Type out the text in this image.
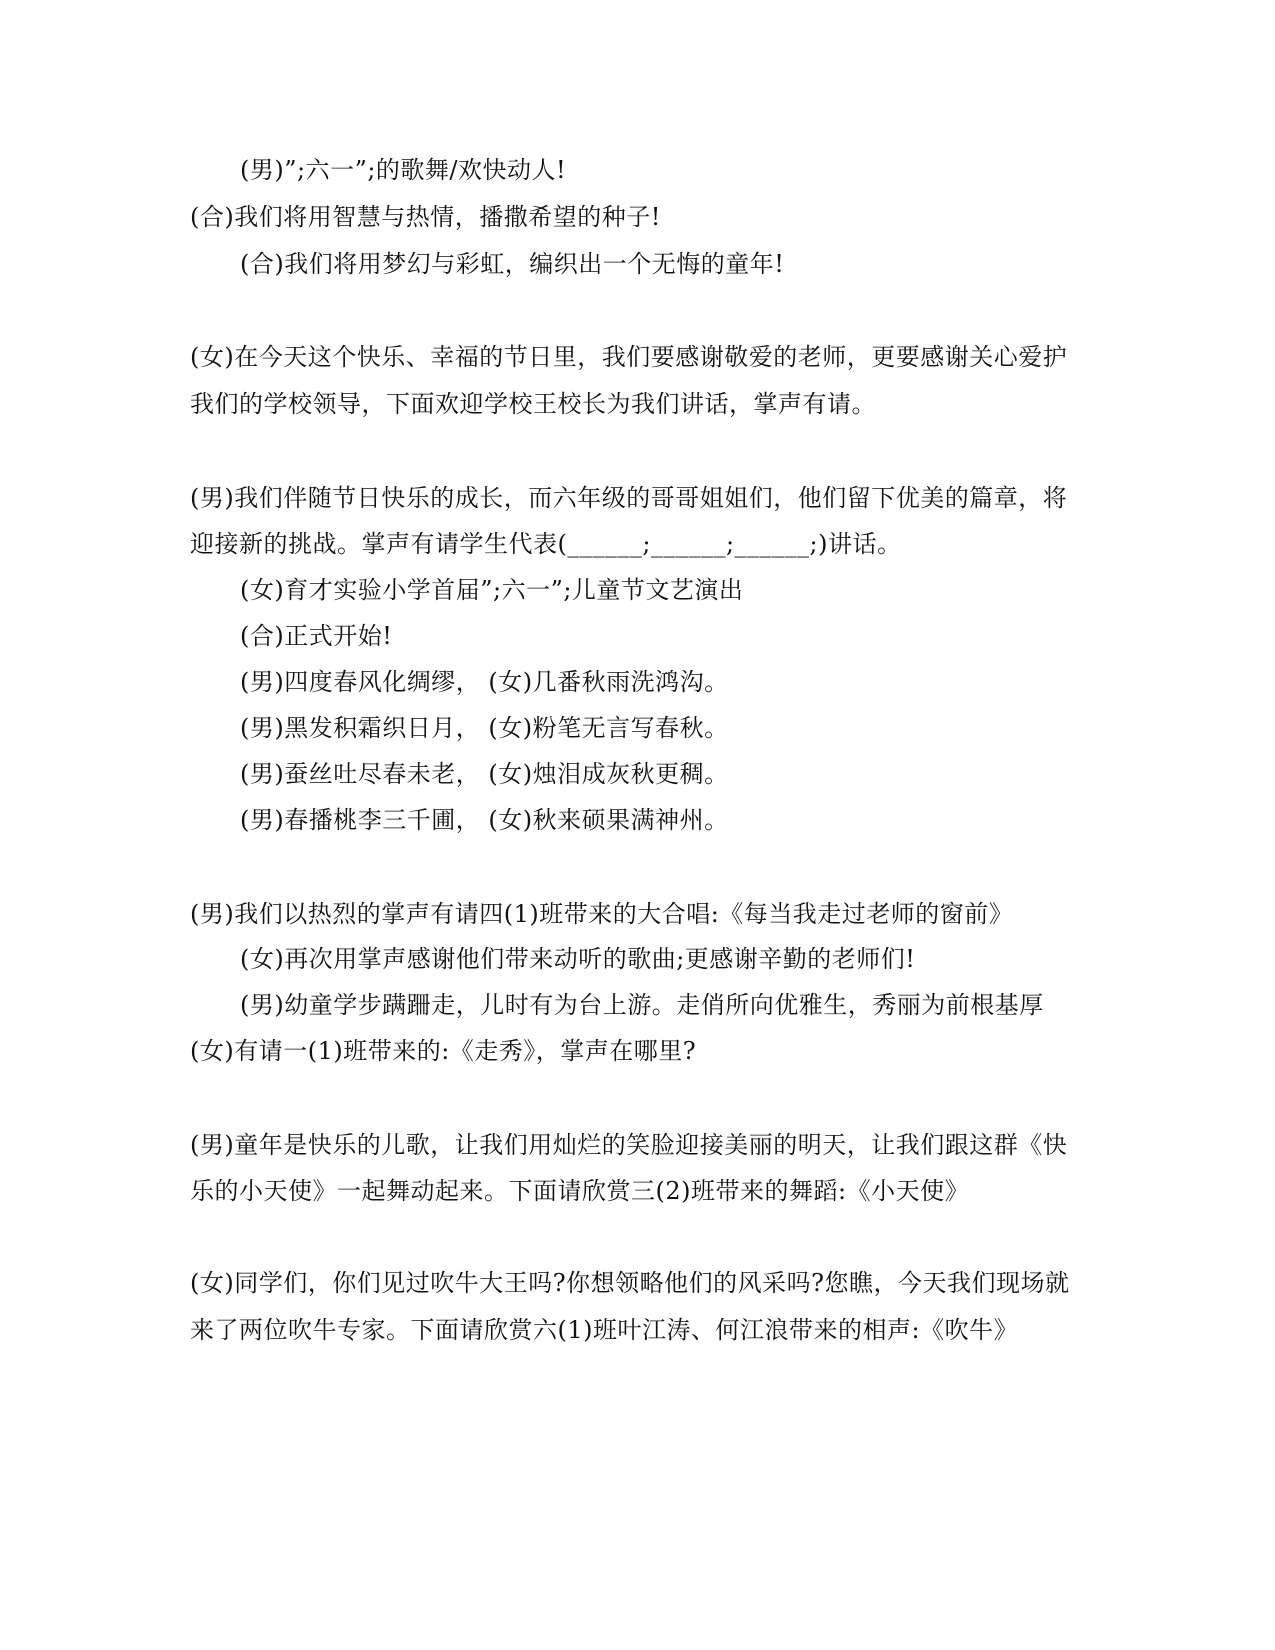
(男)”;六一”;的歌舞/欢快动人!
(合)我们将用智慧与热情，播撒希望的种子!
(合)我们将用梦幻与彩虹，编织出一个无悔的童年!
(女)在今天这个快乐、幸福的节日里，我们要感谢敬爱的老师，更要感谢关心爱护
我们的学校领导，下面欢迎学校王校长为我们讲话，掌声有请。
(男)我们伴随节日快乐的成长，而六年级的哥哥姐姐们，他们留下优美的篇章，将
迎接新的挑战。掌声有请学生代表(______;______;______;)讲话。
(女)育才实验小学首届”;六一”;儿童节文艺演出
(合)正式开始!
(男)四度春风化绸缪， (女)几番秋雨洗鸿沟。
(男)黑发积霜织日月， (女)粉笔无言写春秋。
(男)蚕丝吐尽春未老， (女)烛泪成灰秋更稠。
(男)春播桃李三千圃， (女)秋来硕果满神州。
(男)我们以热烈的掌声有请四(1)班带来的大合唱:《每当我走过老师的窗前》
(女)再次用掌声感谢他们带来动听的歌曲;更感谢辛勤的老师们!
(男)幼童学步蹒跚走，儿时有为台上游。走俏所向优雅生，秀丽为前根基厚
(女)有请一(1)班带来的:《走秀》，掌声在哪里?
(男)童年是快乐的儿歌，让我们用灿烂的笑脸迎接美丽的明天，让我们跟这群《快
乐的小天使》一起舞动起来。下面请欣赏三(2)班带来的舞蹈:《小天使》
(女)同学们，你们见过吹牛大王吗?你想领略他们的风采吗?您瞧，今天我们现场就
来了两位吹牛专家。下面请欣赏六(1)班叶江涛、何江浪带来的相声:《吹牛》
